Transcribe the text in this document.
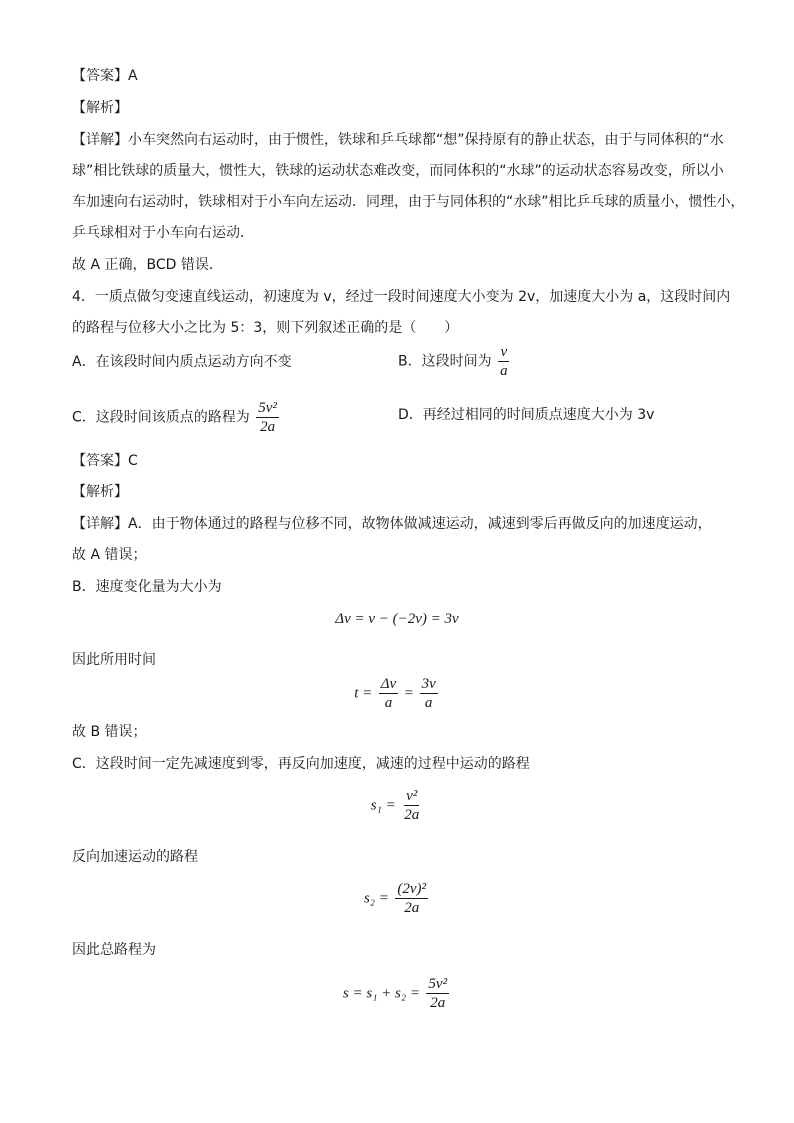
【答案】A
【解析】
【详解】小车突然向右运动时，由于惯性，铁球和乒乓球都“想”保持原有的静止状态，由于与同体积的“水
球”相比铁球的质量大，惯性大，铁球的运动状态难改变，而同体积的“水球”的运动状态容易改变，所以小
车加速向右运动时，铁球相对于小车向左运动．同理，由于与同体积的“水球”相比乒乓球的质量小，惯性小，
乒乓球相对于小车向右运动．
故 A 正确，BCD 错误．
4．一质点做匀变速直线运动，初速度为 v，经过一段时间速度大小变为 2v，加速度大小为 a，这段时间内
的路程与位移大小之比为 5：3，则下列叙述正确的是（　　）
A．在该段时间内质点运动方向不变	B．这段时间为 $\frac{v}{a}$
C．这段时间该质点的路程为 $\frac{\text{5v²}}{2a}$	D．再经过相同的时间质点速度大小为 3v
【答案】C
【解析】
【详解】A．由于物体通过的路程与位移不同，故物体做减速运动，减速到零后再做反向的加速度运动，
故 A 错误；
B．速度变化量为大小为
Δv = v − (−2v) = 3v
因此所用时间
$t = \frac{\Delta v}{a} = \frac{3v}{a}$
故 B 错误；
C．这段时间一定先减速度到零，再反向加速度，减速的过程中运动的路程
$s_1 = \frac{\text{v²}}{2a}$
反向加速运动的路程
$s_2 = \frac{\text{(2v)²}}{2a}$
因此总路程为
$s = s_1 + s_2 = \frac{\text{5v²}}{2a}$
